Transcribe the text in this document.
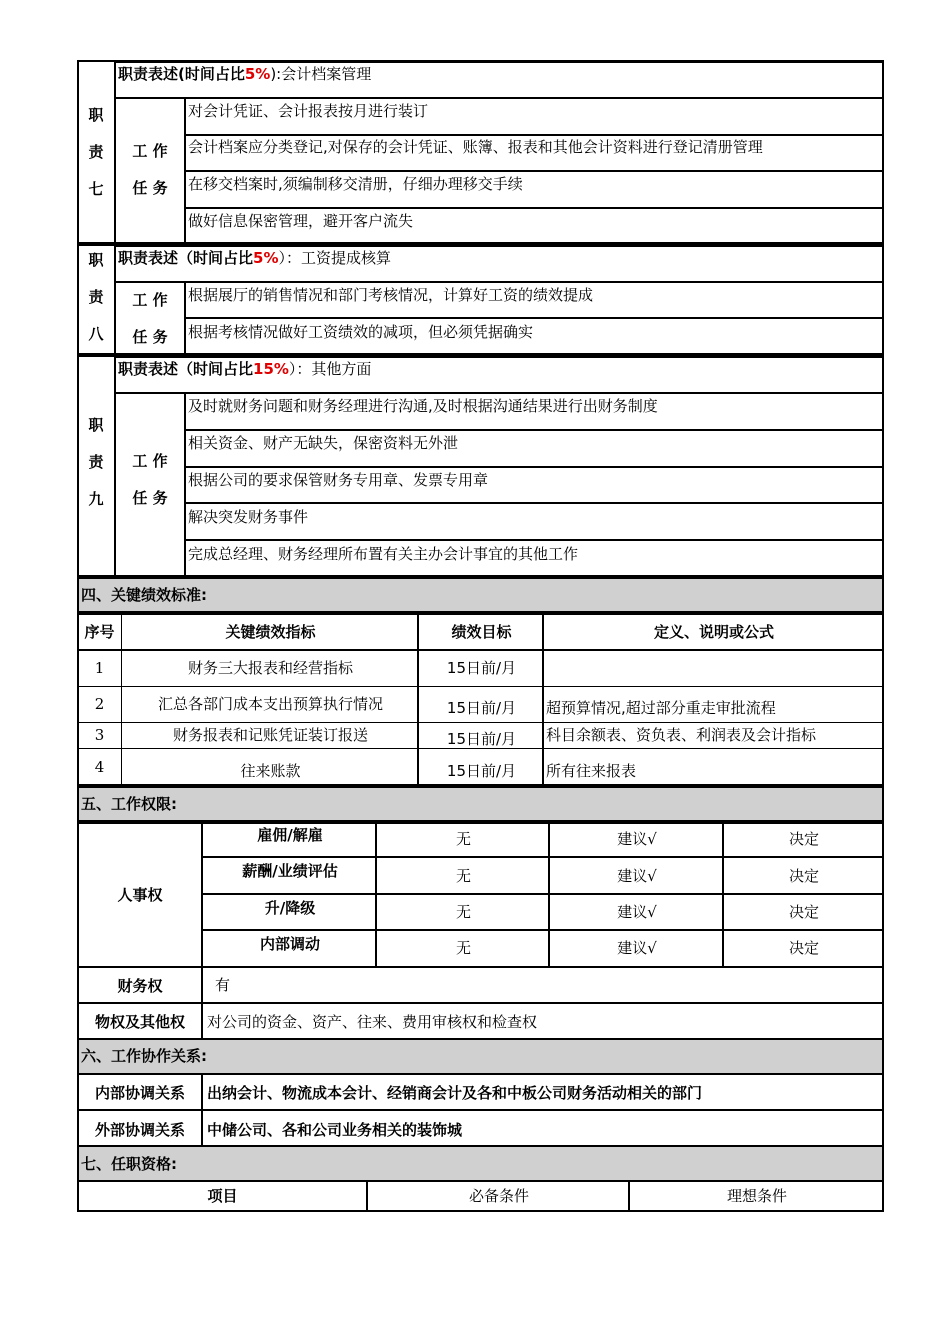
职
责
七
职责表述(时间占比5%):会计档案管理
工 作
任 务
对会计凭证、会计报表按月进行装订
会计档案应分类登记,对保存的会计凭证、账簿、报表和其他会计资料进行登记清册管理
在移交档案时,须编制移交清册，仔细办理移交手续
做好信息保密管理，避开客户流失
职
责
八
职责表述（时间占比5%）：工资提成核算
工 作
任 务
根据展厅的销售情况和部门考核情况，计算好工资的绩效提成
根据考核情况做好工资绩效的减项，但必须凭据确实
职
责
九
职责表述（时间占比15%）：其他方面
工 作
任 务
及时就财务问题和财务经理进行沟通,及时根据沟通结果进行出财务制度
相关资金、财产无缺失，保密资料无外泄
根据公司的要求保管财务专用章、发票专用章
解决突发财务事件
完成总经理、财务经理所布置有关主办会计事宜的其他工作
四、关键绩效标准:
序号	关键绩效指标	绩效目标	定义、说明或公式
1	财务三大报表和经营指标	15日前/月
2	汇总各部门成本支出预算执行情况	15日前/月	超预算情况,超过部分重走审批流程
3	财务报表和记账凭证装订报送	15日前/月	科目余额表、资负表、利润表及会计指标
4	往来账款	15日前/月	所有往来报表
五、工作权限:
人事权
雇佣/解雇	无	建议√	决定
薪酬/业绩评估	无	建议√	决定
升/降级	无	建议√	决定
内部调动	无	建议√	决定
财务权	有
物权及其他权	对公司的资金、资产、往来、费用审核权和检查权
六、工作协作关系:
内部协调关系	出纳会计、物流成本会计、经销商会计及各和中板公司财务活动相关的部门
外部协调关系	中储公司、各和公司业务相关的装饰城
七、任职资格:
项目	必备条件	理想条件
